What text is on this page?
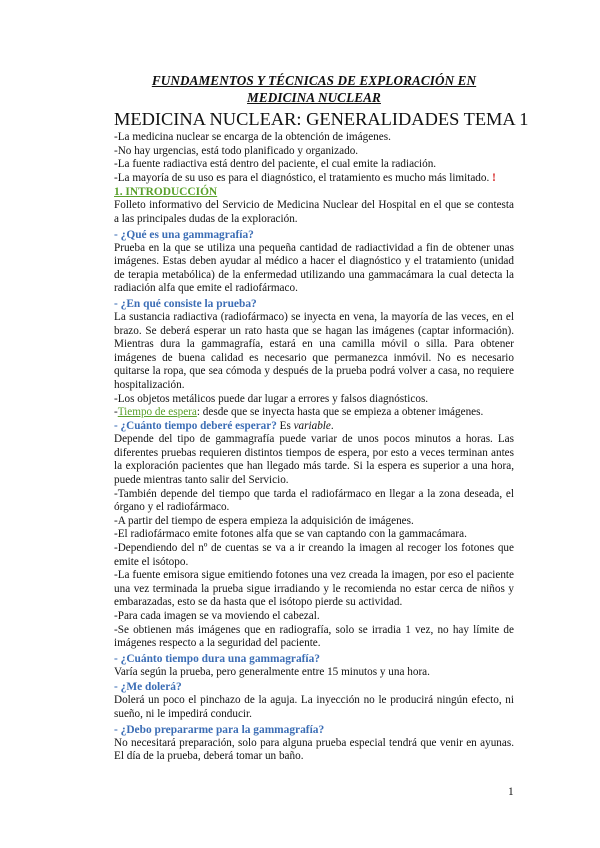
FUNDAMENTOS Y TÉCNICAS DE EXPLORACIÓN EN
MEDICINA NUCLEAR
MEDICINA NUCLEAR: GENERALIDADES TEMA 1

-La medicina nuclear se encarga de la obtención de imágenes.

-No hay urgencias, está todo planificado y organizado.

-La fuente radiactiva está dentro del paciente, el cual emite la radiación.

-La mayoría de su uso es para el diagnóstico, el tratamiento es mucho más limitado. !

1. INTRODUCCIÓN

Folleto informativo del Servicio de Medicina Nuclear del Hospital en el que se contesta a las principales dudas de la exploración.

- ¿Qué es una gammagrafía?

Prueba en la que se utiliza una pequeña cantidad de radiactividad a fin de obtener unas imágenes. Estas deben ayudar al médico a hacer el diagnóstico y el tratamiento (unidad de terapia metabólica) de la enfermedad utilizando una gammacámara la cual detecta la radiación alfa que emite el radiofármaco.

- ¿En qué consiste la prueba?

La sustancia radiactiva (radiofármaco) se inyecta en vena, la mayoría de las veces, en el brazo. Se deberá esperar un rato hasta que se hagan las imágenes (captar información). Mientras dura la gammagrafía, estará en una camilla móvil o silla. Para obtener imágenes de buena calidad es necesario que permanezca inmóvil. No es necesario quitarse la ropa, que sea cómoda y después de la prueba podrá volver a casa, no requiere hospitalización.

-Los objetos metálicos puede dar lugar a errores y falsos diagnósticos.

-Tiempo de espera: desde que se inyecta hasta que se empieza a obtener imágenes.

- ¿Cuánto tiempo deberé esperar? Es variable.

Depende del tipo de gammagrafía puede variar de unos pocos minutos a horas. Las diferentes pruebas requieren distintos tiempos de espera, por esto a veces terminan antes la exploración pacientes que han llegado más tarde. Si la espera es superior a una hora, puede mientras tanto salir del Servicio.

-También depende del tiempo que tarda el radiofármaco en llegar a la zona deseada, el órgano y el radiofármaco.

-A partir del tiempo de espera empieza la adquisición de imágenes.

-El radiofármaco emite fotones alfa que se van captando con la gammacámara.

-Dependiendo del nº de cuentas se va a ir creando la imagen al recoger los fotones que emite el isótopo.

-La fuente emisora sigue emitiendo fotones una vez creada la imagen, por eso el paciente una vez terminada la prueba sigue irradiando y le recomienda no estar cerca de niños y embarazadas, esto se da hasta que el isótopo pierde su actividad.

-Para cada imagen se va moviendo el cabezal.

-Se obtienen más imágenes que en radiografía, solo se irradia 1 vez, no hay límite de imágenes respecto a la seguridad del paciente.

- ¿Cuánto tiempo dura una gammagrafía?

Varía según la prueba, pero generalmente entre 15 minutos y una hora.

- ¿Me dolerá?

Dolerá un poco el pinchazo de la aguja. La inyección no le producirá ningún efecto, ni sueño, ni le impedirá conducir.

- ¿Debo prepararme para la gammagrafía?

No necesitará preparación, solo para alguna prueba especial tendrá que venir en ayunas. El día de la prueba, deberá tomar un baño.

1
